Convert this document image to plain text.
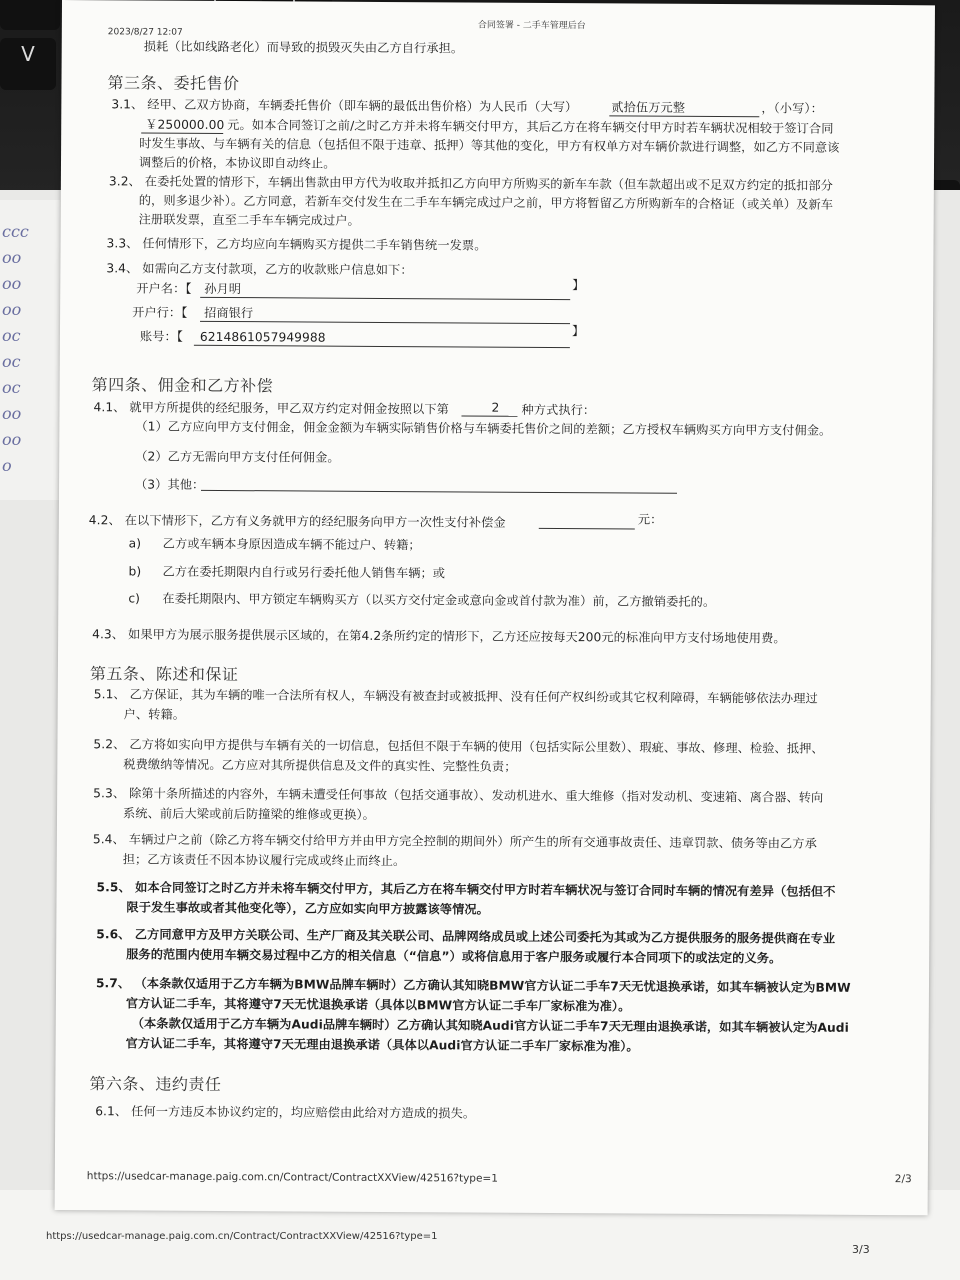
V
ccc
oo
oo
oo
oc
oc
oc
oo
oo
o
https://usedcar-manage.paig.com.cn/Contract/ContractXXView/42516?type=1
3/3
2023/8/27 12:07
合同签署 - 二手车管理后台
损耗（比如线路老化）而导致的损毁灭失由乙方自行承担。
第三条、委托售价
3.1、 经甲、乙双方协商，车辆委托售价（即车辆的最低出售价格）为人民币（大写）	贰拾伍万元整	，（小写）：
￥250000.00 元。如本合同签订之前/之时乙方并未将车辆交付甲方，其后乙方在将车辆交付甲方时若车辆状况相较于签订合同
时发生事故、与车辆有关的信息（包括但不限于违章、抵押）等其他的变化，甲方有权单方对车辆价款进行调整，如乙方不同意该
调整后的价格，本协议即自动终止。
3.2、 在委托处置的情形下，车辆出售款由甲方代为收取并抵扣乙方向甲方所购买的新车车款（但车款超出或不足双方约定的抵扣部分
的，则多退少补）。乙方同意，若新车交付发生在二手车车辆完成过户之前，甲方将暂留乙方所购新车的合格证（或关单）及新车
注册联发票，直至二手车车辆完成过户。
3.3、 任何情形下，乙方均应向车辆购买方提供二手车销售统一发票。
3.4、 如需向乙方支付款项，乙方的收款账户信息如下：
开户名：【 孙月明	】
开户行：【 招商银行
账号：【 6214861057949988	】
第四条、佣金和乙方补偿
4.1、 就甲方所提供的经纪服务，甲乙双方约定对佣金按照以下第	2 种方式执行：
（1）乙方应向甲方支付佣金，佣金金额为车辆实际销售价格与车辆委托售价之间的差额；乙方授权车辆购买方向甲方支付佣金。
（2）乙方无需向甲方支付任何佣金。
（3）其他：
4.2、 在以下情形下，乙方有义务就甲方的经纪服务向甲方一次性支付补偿金	元：
a) 乙方或车辆本身原因造成车辆不能过户、转籍；
b) 乙方在委托期限内自行或另行委托他人销售车辆；或
c) 在委托期限内、甲方锁定车辆购买方（以买方交付定金或意向金或首付款为准）前，乙方撤销委托的。
4.3、 如果甲方为展示服务提供展示区域的，在第4.2条所约定的情形下，乙方还应按每天200元的标准向甲方支付场地使用费。
第五条、陈述和保证
5.1、 乙方保证，其为车辆的唯一合法所有权人，车辆没有被查封或被抵押、没有任何产权纠纷或其它权利障碍，车辆能够依法办理过
户、转籍。
5.2、 乙方将如实向甲方提供与车辆有关的一切信息，包括但不限于车辆的使用（包括实际公里数）、瑕疵、事故、修理、检验、抵押、
税费缴纳等情况。乙方应对其所提供信息及文件的真实性、完整性负责；
5.3、 除第十条所描述的内容外，车辆未遭受任何事故（包括交通事故）、发动机进水、重大维修（指对发动机、变速箱、离合器、转向
系统、前后大梁或前后防撞梁的维修或更换）。
5.4、 车辆过户之前（除乙方将车辆交付给甲方并由甲方完全控制的期间外）所产生的所有交通事故责任、违章罚款、债务等由乙方承
担；乙方该责任不因本协议履行完成或终止而终止。
5.5、 如本合同签订之时乙方并未将车辆交付甲方，其后乙方在将车辆交付甲方时若车辆状况与签订合同时车辆的情况有差异（包括但不
限于发生事故或者其他变化等），乙方应如实向甲方披露该等情况。
5.6、 乙方同意甲方及甲方关联公司、生产厂商及其关联公司、品牌网络成员或上述公司委托为其或为乙方提供服务的服务提供商在专业
服务的范围内使用车辆交易过程中乙方的相关信息（“信息”）或将信息用于客户服务或履行本合同项下的或法定的义务。
5.7、 （本条款仅适用于乙方车辆为BMW品牌车辆时）乙方确认其知晓BMW官方认证二手车7天无忧退换承诺，如其车辆被认定为BMW
官方认证二手车，其将遵守7天无忧退换承诺（具体以BMW官方认证二手车厂家标准为准）。
（本条款仅适用于乙方车辆为Audi品牌车辆时）乙方确认其知晓Audi官方认证二手车7天无理由退换承诺，如其车辆被认定为Audi
官方认证二手车，其将遵守7天无理由退换承诺（具体以Audi官方认证二手车厂家标准为准）。
第六条、违约责任
6.1、 任何一方违反本协议约定的，均应赔偿由此给对方造成的损失。
https://usedcar-manage.paig.com.cn/Contract/ContractXXView/42516?type=1	2/3
